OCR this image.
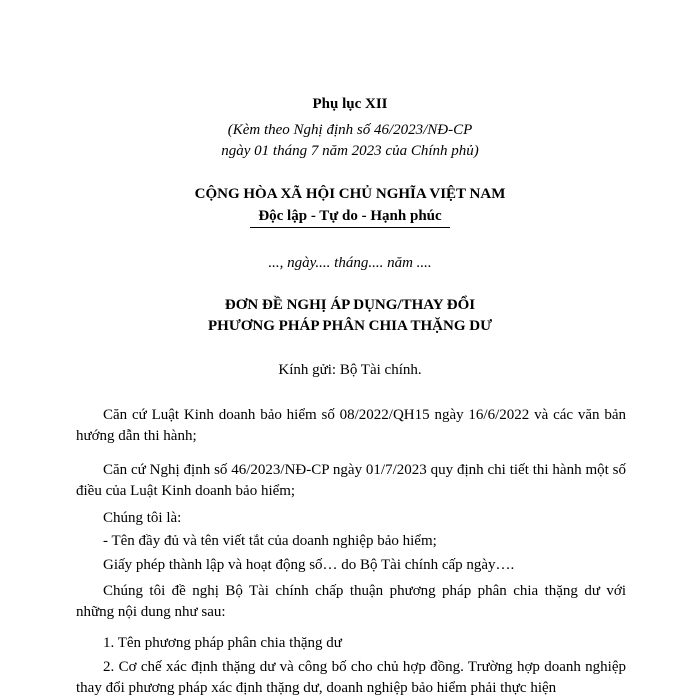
Phụ lục XII
(Kèm theo Nghị định số 46/2023/NĐ-CP
ngày 01 tháng 7 năm 2023 của Chính phủ)
CỘNG HÒA XÃ HỘI CHỦ NGHĨA VIỆT NAM
Độc lập - Tự do - Hạnh phúc
..., ngày.... tháng.... năm ....
ĐƠN ĐỀ NGHỊ ÁP DỤNG/THAY ĐỔI
PHƯƠNG PHÁP PHÂN CHIA THẶNG DƯ
Kính gửi: Bộ Tài chính.
Căn cứ Luật Kinh doanh bảo hiểm số 08/2022/QH15 ngày 16/6/2022 và các văn bản hướng dẫn thi hành;
Căn cứ Nghị định số 46/2023/NĐ-CP ngày 01/7/2023 quy định chi tiết thi hành một số điều của Luật Kinh doanh bảo hiểm;
Chúng tôi là:
- Tên đầy đủ và tên viết tắt của doanh nghiệp bảo hiểm;
Giấy phép thành lập và hoạt động số… do Bộ Tài chính cấp ngày….
Chúng tôi đề nghị Bộ Tài chính chấp thuận phương pháp phân chia thặng dư với những nội dung như sau:
1. Tên phương pháp phân chia thặng dư
2. Cơ chế xác định thặng dư và công bố cho chủ hợp đồng. Trường hợp doanh nghiệp thay đổi phương pháp xác định thặng dư, doanh nghiệp bảo hiểm phải thực hiện
